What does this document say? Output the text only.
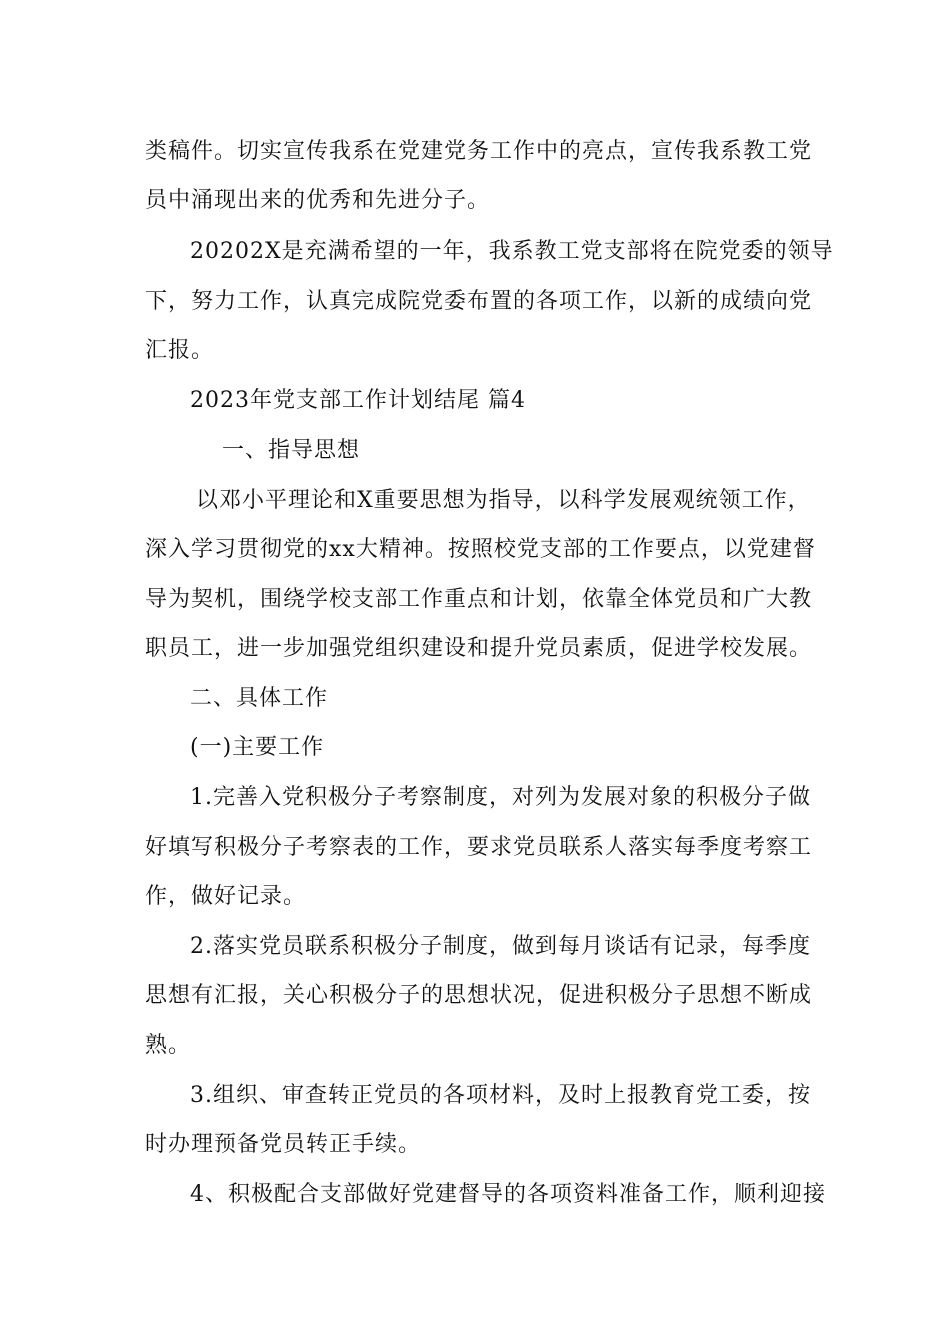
类稿件。切实宣传我系在党建党务工作中的亮点，宣传我系教工党
员中涌现出来的优秀和先进分子。
20202X是充满希望的一年，我系教工党支部将在院党委的领导
下，努力工作，认真完成院党委布置的各项工作，以新的成绩向党
汇报。
2023年党支部工作计划结尾 篇4
一、指导思想
以邓小平理论和X重要思想为指导，以科学发展观统领工作，
深入学习贯彻党的xx大精神。按照校党支部的工作要点，以党建督
导为契机，围绕学校支部工作重点和计划，依靠全体党员和广大教
职员工，进一步加强党组织建设和提升党员素质，促进学校发展。
二、具体工作
(一)主要工作
1.完善入党积极分子考察制度，对列为发展对象的积极分子做
好填写积极分子考察表的工作，要求党员联系人落实每季度考察工
作，做好记录。
2.落实党员联系积极分子制度，做到每月谈话有记录，每季度
思想有汇报，关心积极分子的思想状况，促进积极分子思想不断成
熟。
3.组织、审查转正党员的各项材料，及时上报教育党工委，按
时办理预备党员转正手续。
4、积极配合支部做好党建督导的各项资料准备工作，顺利迎接
